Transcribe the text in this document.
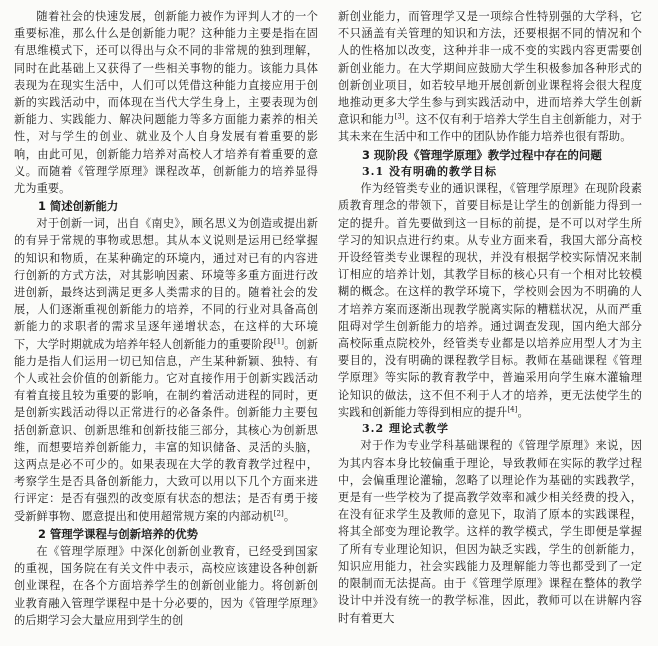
随着社会的快速发展，创新能力被作为评判人才的一个重要标准，那么什么是创新能力呢？这种能力主要是指在固有思维模式下，还可以得出与众不同的非常规的独到理解，同时在此基础上又获得了一些相关事物的能力。该能力具体表现为在现实生活中，人们可以凭借这种能力直接应用于创新的实践活动中，而体现在当代大学生身上，主要表现为创新能力、实践能力、解决问题能力等多方面能力素养的相关性，对与学生的创业、就业及个人自身发展有着重要的影响，由此可见，创新能力培养对高校人才培养有着重要的意义。而随着《管理学原理》课程改革，创新能力的培养显得尤为重要。

1 简述创新能力

对于创新一词，出自《南史》，顾名思义为创造或提出新的有异于常规的事物或思想。其从本义说则是运用已经掌握的知识和物质，在某种确定的环境内，通过对已有的内容进行创新的方式方法，对其影响因素、环境等多重方面进行改进创新，最终达到满足更多人类需求的目的。随着社会的发展，人们逐渐重视创新能力的培养，不同的行业对具备高创新能力的求职者的需求呈逐年递增状态，在这样的大环境下，大学时期就成为培养年轻人创新能力的重要阶段[1]。创新能力是指人们运用一切已知信息，产生某种新颖、独特、有个人或社会价值的创新能力。它对直接作用于创新实践活动有着直接且较为重要的影响，在制约着活动进程的同时，更是创新实践活动得以正常进行的必备条件。创新能力主要包括创新意识、创新思维和创新技能三部分，其核心为创新思维，而想要培养创新能力，丰富的知识储备、灵活的头脑，这两点是必不可少的。如果表现在大学的教育教学过程中，考察学生是否具备创新能力，大致可以用以下几个方面来进行评定：是否有强烈的改变原有状态的想法；是否有勇于接受新鲜事物、愿意提出和使用超常规方案的内部动机[2]。

2 管理学课程与创新培养的优势

在《管理学原理》中深化创新创业教育，已经受到国家的重视，国务院在有关文件中表示，高校应该建设各种创新创业课程，在各个方面培养学生的创新创业能力。将创新创业教育融入管理学课程中是十分必要的，因为《管理学原理》的后期学习会大量应用到学生的创

新创业能力，而管理学又是一项综合性特别强的大学科，它不只涵盖有关管理的知识和方法，还要根据不同的情况和个人的性格加以改变，这种并非一成不变的实践内容更需要创新创业能力。在大学期间应鼓励大学生积极参加各种形式的创新创业项目，如若较早地开展创新创业课程将会很大程度地推动更多大学生参与到实践活动中，进而培养大学生创新意识和能力[3]。这不仅有利于培养大学生自主创新能力，对于其未来在生活中和工作中的团队协作能力培养也很有帮助。

3 现阶段《管理学原理》教学过程中存在的问题
3.1 没有明确的教学目标

作为经管类专业的通识课程，《管理学原理》在现阶段素质教育理念的带领下，首要目标是让学生的创新能力得到一定的提升。首先要做到这一目标的前提，是不可以对学生所学习的知识点进行约束。从专业方面来看，我国大部分高校开设经管类专业课程的现状，并没有根据学校实际情况来制订相应的培养计划，其教学目标的核心只有一个相对比较模糊的概念。在这样的教学环境下，学校则会因为不明确的人才培养方案而逐渐出现教学脱离实际的糟糕状况，从而严重阻碍对学生创新能力的培养。通过调查发现，国内绝大部分高校际重点院校外，经管类专业都是以培养应用型人才为主要目的，没有明确的课程教学目标。教师在基础课程《管理学原理》等实际的教育教学中，普遍采用向学生麻木灌输理论知识的做法，这不但不利于人才的培养，更无法使学生的实践和创新能力等得到相应的提升[4]。

3.2 理论式教学

对于作为专业学科基础课程的《管理学原理》来说，因为其内容本身比较偏重于理论，导致教师在实际的教学过程中，会偏重理论灌输，忽略了以理论作为基础的实践教学，更是有一些学校为了提高教学效率和减少相关经费的投入，在没有征求学生及教师的意见下，取消了原本的实践课程，将其全部变为理论教学。这样的教学模式，学生即便是掌握了所有专业理论知识，但因为缺乏实践，学生的创新能力，知识应用能力，社会实践能力及理解能力等也都受到了一定的限制而无法提高。由于《管理学原理》课程在整体的教学设计中并没有统一的教学标准，因此，教师可以在讲解内容时有着更大
